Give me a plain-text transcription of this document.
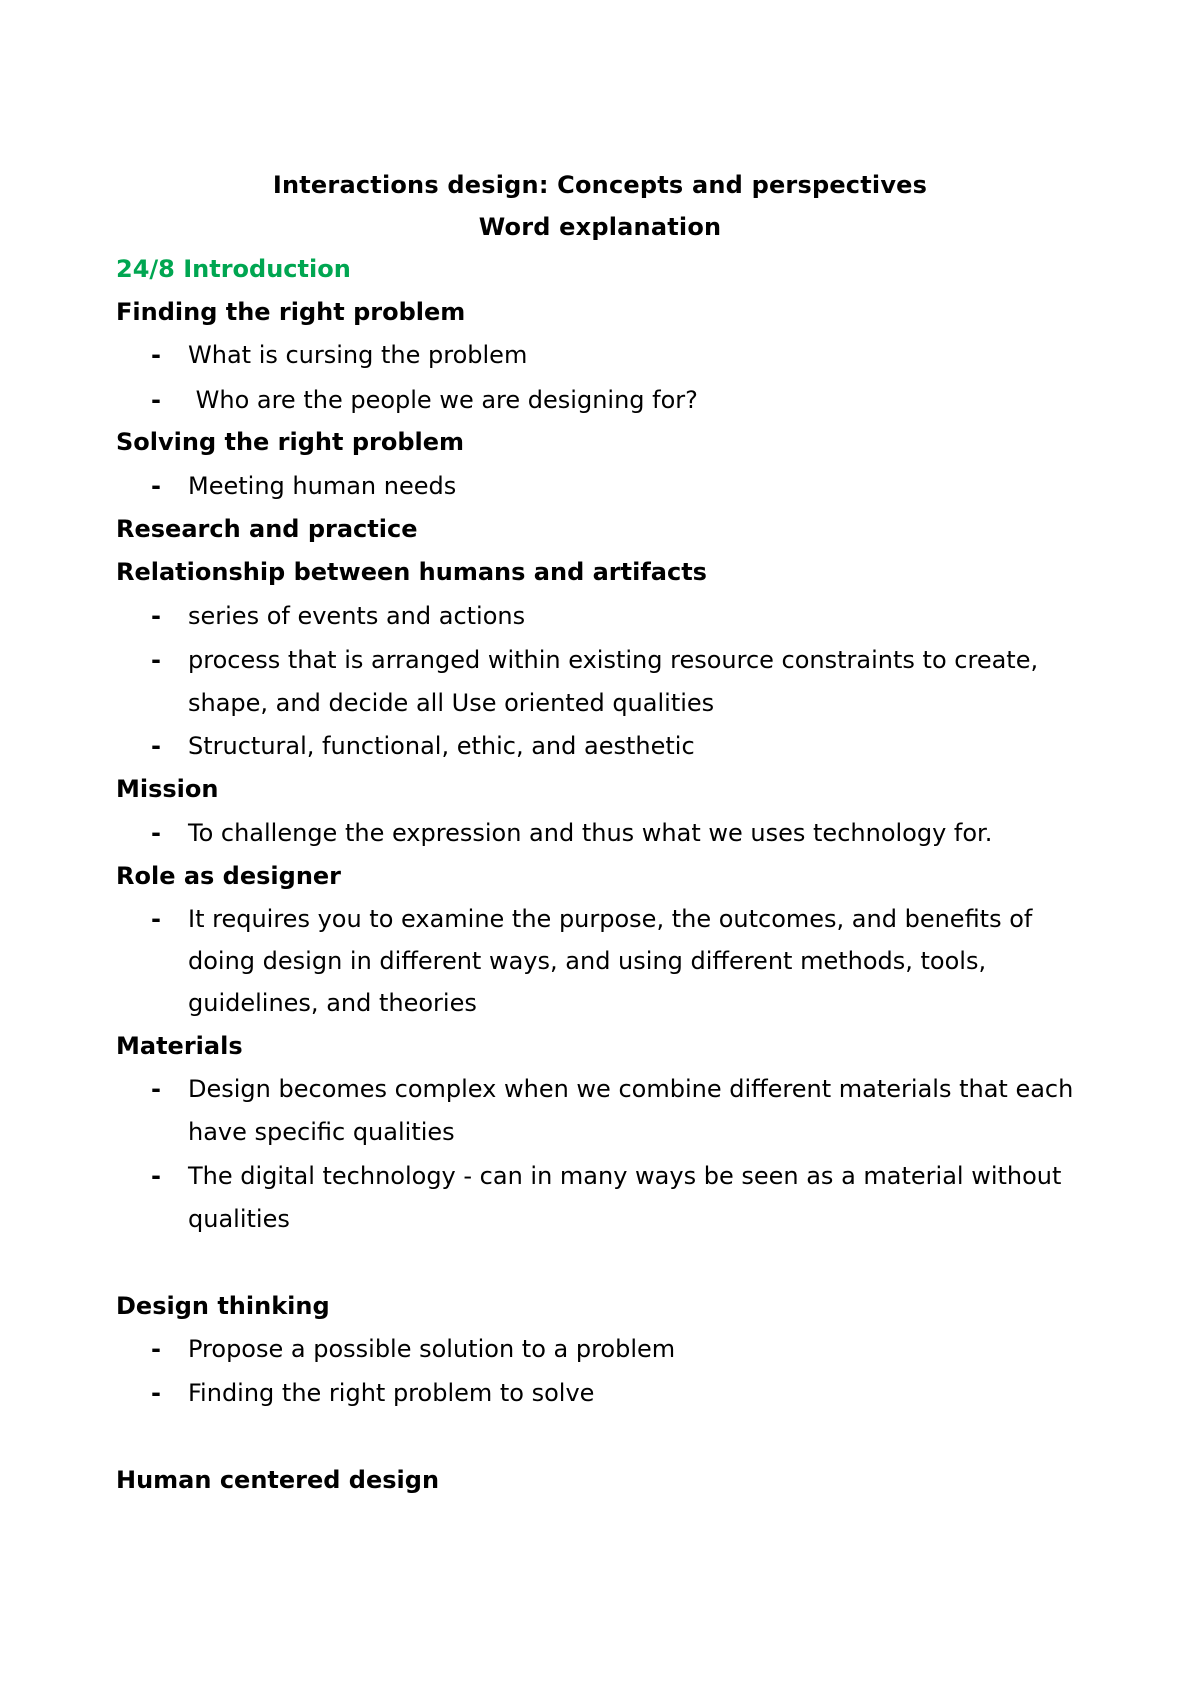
Interactions design: Concepts and perspectives
Word explanation
24/8 Introduction
Finding the right problem
- What is cursing the problem
- Who are the people we are designing for?
Solving the right problem
- Meeting human needs
Research and practice
Relationship between humans and artifacts
- series of events and actions
- process that is arranged within existing resource constraints to create,
shape, and decide all Use oriented qualities
- Structural, functional, ethic, and aesthetic
Mission
- To challenge the expression and thus what we uses technology for.
Role as designer
- It requires you to examine the purpose, the outcomes, and benefits of
doing design in different ways, and using different methods, tools,
guidelines, and theories
Materials
- Design becomes complex when we combine different materials that each
have specific qualities
- The digital technology - can in many ways be seen as a material without
qualities
Design thinking
- Propose a possible solution to a problem
- Finding the right problem to solve
Human centered design
